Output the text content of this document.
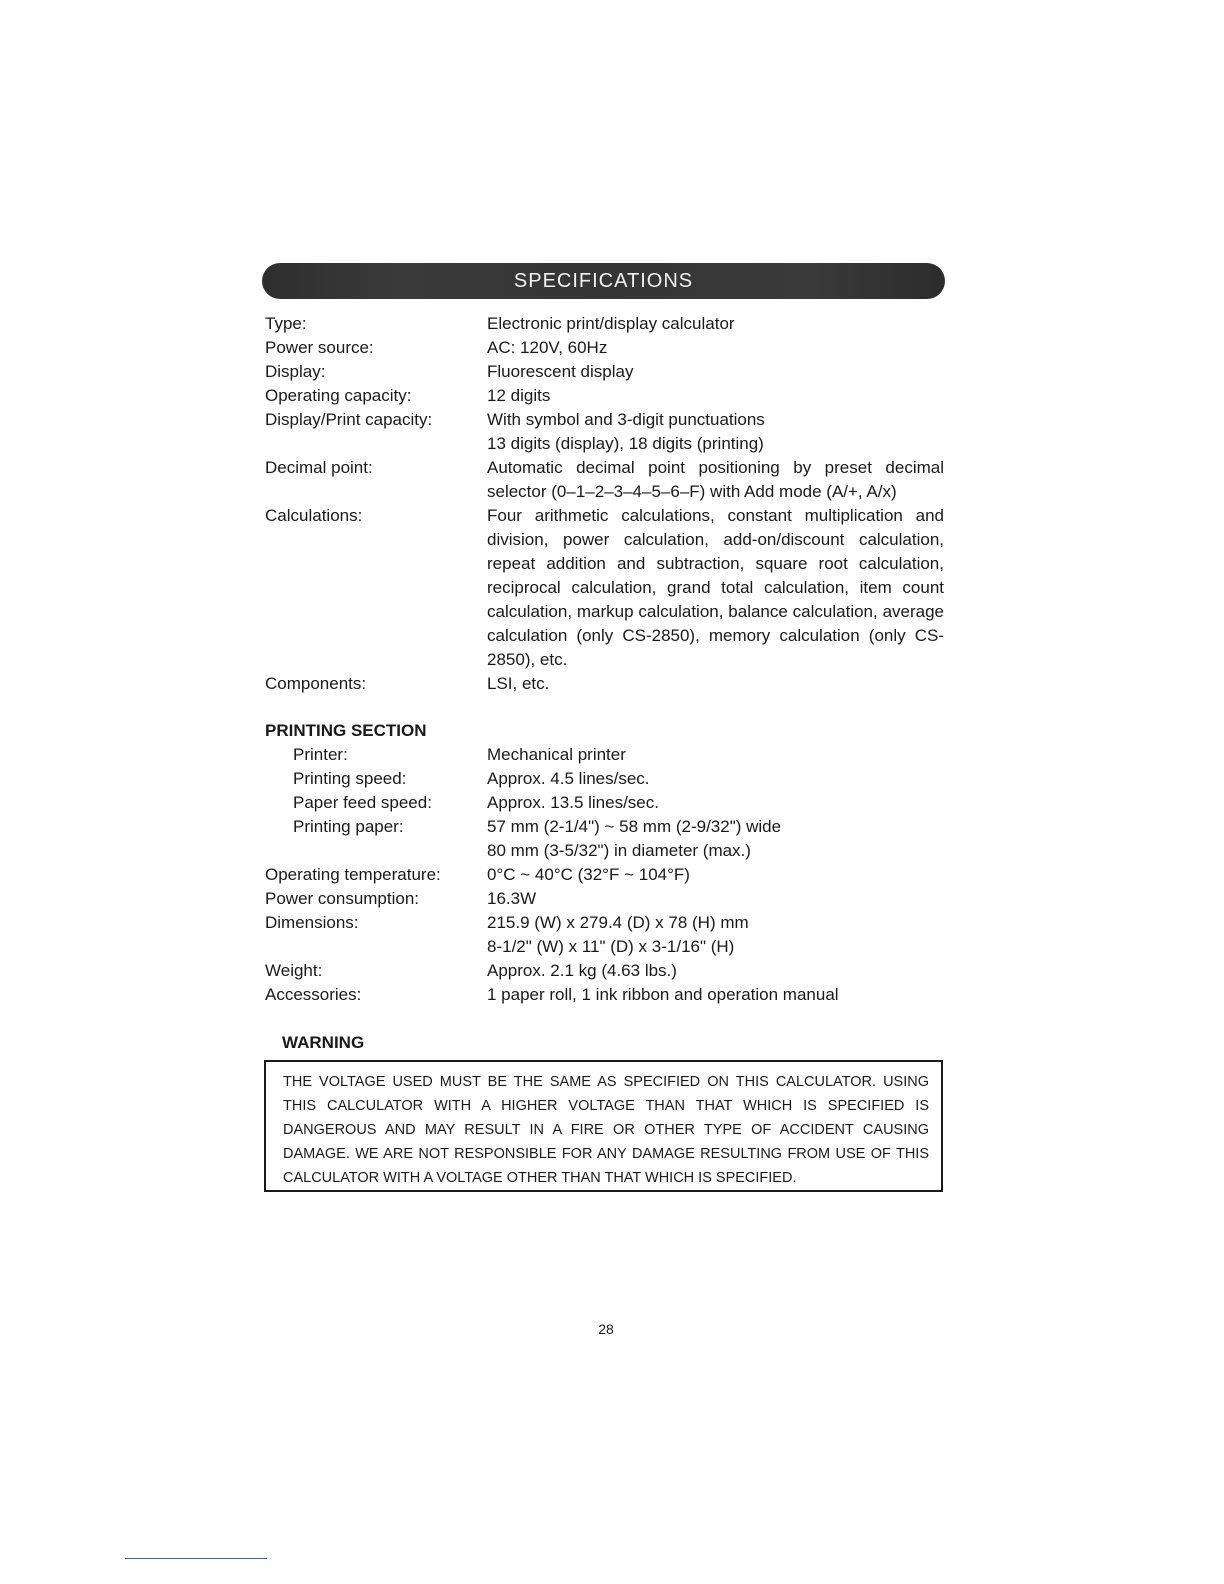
SPECIFICATIONS
Type:	Electronic print/display calculator
Power source:	AC: 120V, 60Hz
Display:	Fluorescent display
Operating capacity:	12 digits
Display/Print capacity:	With symbol and 3-digit punctuations
13 digits (display), 18 digits (printing)
Decimal point:	Automatic decimal point positioning by preset decimal selector (0–1–2–3–4–5–6–F) with Add mode (A/+, A/x)
Calculations:	Four arithmetic calculations, constant multiplication and division, power calculation, add-on/discount calculation, repeat addition and subtraction, square root calculation, reciprocal calculation, grand total calculation, item count calculation, markup calculation, balance calculation, average calculation (only CS-2850), memory calculation (only CS-2850), etc.
Components:	LSI, etc.
PRINTING SECTION
Printer:	Mechanical printer
Printing speed:	Approx. 4.5 lines/sec.
Paper feed speed:	Approx. 13.5 lines/sec.
Printing paper:	57 mm (2-1/4") ~ 58 mm (2-9/32") wide
80 mm (3-5/32") in diameter (max.)
Operating temperature:	0°C ~ 40°C (32°F ~ 104°F)
Power consumption:	16.3W
Dimensions:	215.9 (W) x 279.4 (D) x 78 (H) mm
8-1/2" (W) x 11" (D) x 3-1/16" (H)
Weight:	Approx. 2.1 kg (4.63 lbs.)
Accessories:	1 paper roll, 1 ink ribbon and operation manual
WARNING
THE VOLTAGE USED MUST BE THE SAME AS SPECIFIED ON THIS CALCULATOR. USING THIS CALCULATOR WITH A HIGHER VOLTAGE THAN THAT WHICH IS SPECIFIED IS DANGEROUS AND MAY RESULT IN A FIRE OR OTHER TYPE OF ACCIDENT CAUSING DAMAGE. WE ARE NOT RESPONSIBLE FOR ANY DAMAGE RESULTING FROM USE OF THIS CALCULATOR WITH A VOLTAGE OTHER THAN THAT WHICH IS SPECIFIED.
28
